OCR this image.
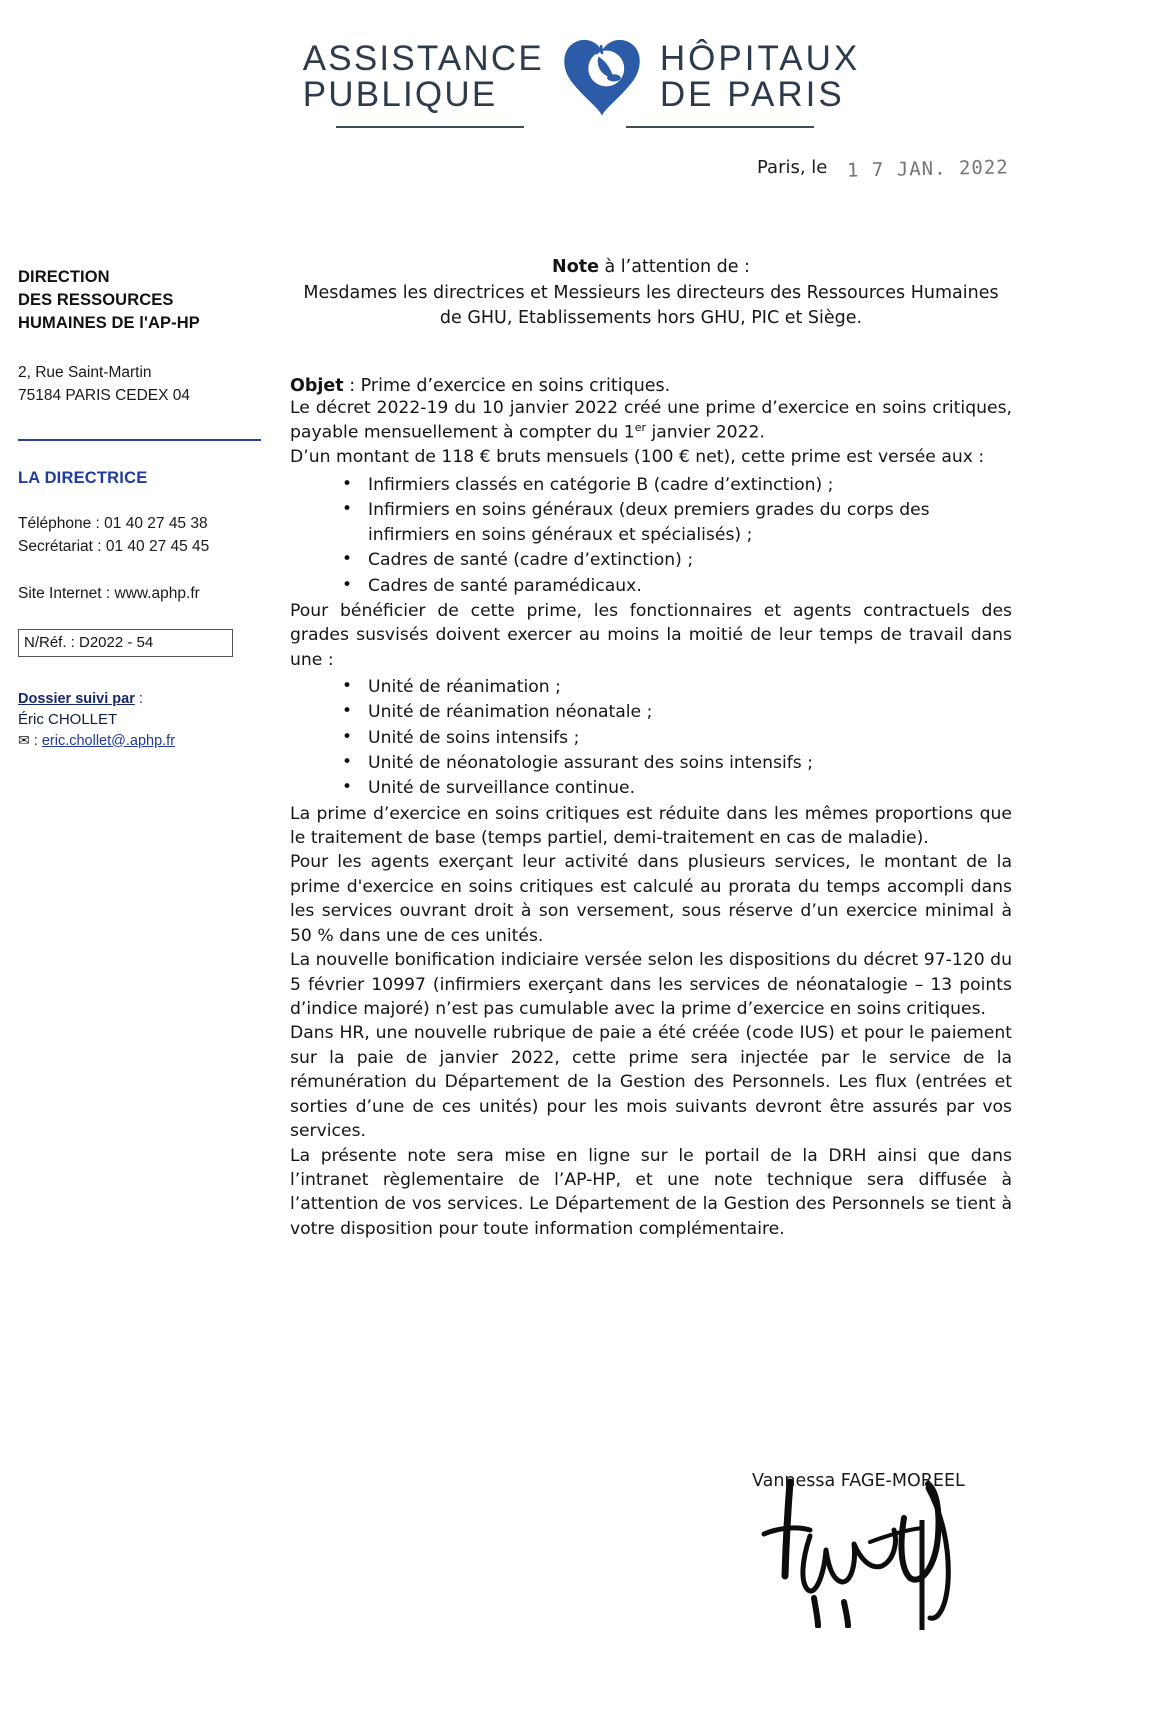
ASSISTANCE
PUBLIQUE
HÔPITAUX
DE PARIS
Paris, le 1 7 JAN. 2022
DIRECTION
DES RESSOURCES
HUMAINES DE l'AP-HP
2, Rue Saint-Martin
75184 PARIS CEDEX 04
LA DIRECTRICE
Téléphone : 01 40 27 45 38
Secrétariat : 01 40 27 45 45
Site Internet : www.aphp.fr
N/Réf. : D2022 - 54
Dossier suivi par :
Éric CHOLLET
✉ : eric.chollet@.aphp.fr
Note à l’attention de :
Mesdames les directrices et Messieurs les directeurs des Ressources Humaines
de GHU, Etablissements hors GHU, PIC et Siège.
Objet : Prime d’exercice en soins critiques.

Le décret 2022-19 du 10 janvier 2022 créé une prime d’exercice en soins critiques, payable mensuellement à compter du 1er janvier 2022.

D’un montant de 118 € bruts mensuels (100 € net), cette prime est versée aux :

• Infirmiers classés en catégorie B (cadre d’extinction) ;
• Infirmiers en soins généraux (deux premiers grades du corps des infirmiers en soins généraux et spécialisés) ;
• Cadres de santé (cadre d’extinction) ;
• Cadres de santé paramédicaux.

Pour bénéficier de cette prime, les fonctionnaires et agents contractuels des grades susvisés doivent exercer au moins la moitié de leur temps de travail dans une :

• Unité de réanimation ;
• Unité de réanimation néonatale ;
• Unité de soins intensifs ;
• Unité de néonatologie assurant des soins intensifs ;
• Unité de surveillance continue.

La prime d’exercice en soins critiques est réduite dans les mêmes proportions que le traitement de base (temps partiel, demi-traitement en cas de maladie).

Pour les agents exerçant leur activité dans plusieurs services, le montant de la prime d'exercice en soins critiques est calculé au prorata du temps accompli dans les services ouvrant droit à son versement, sous réserve d’un exercice minimal à 50 % dans une de ces unités.

La nouvelle bonification indiciaire versée selon les dispositions du décret 97-120 du 5 février 10997 (infirmiers exerçant dans les services de néonatalogie – 13 points d’indice majoré) n’est pas cumulable avec la prime d’exercice en soins critiques.

Dans HR, une nouvelle rubrique de paie a été créée (code IUS) et pour le paiement sur la paie de janvier 2022, cette prime sera injectée par le service de la rémunération du Département de la Gestion des Personnels. Les flux (entrées et sorties d’une de ces unités) pour les mois suivants devront être assurés par vos services.

La présente note sera mise en ligne sur le portail de la DRH ainsi que dans l’intranet règlementaire de l’AP-HP, et une note technique sera diffusée à l’attention de vos services. Le Département de la Gestion des Personnels se tient à votre disposition pour toute information complémentaire.

Vannessa FAGE-MOREEL
